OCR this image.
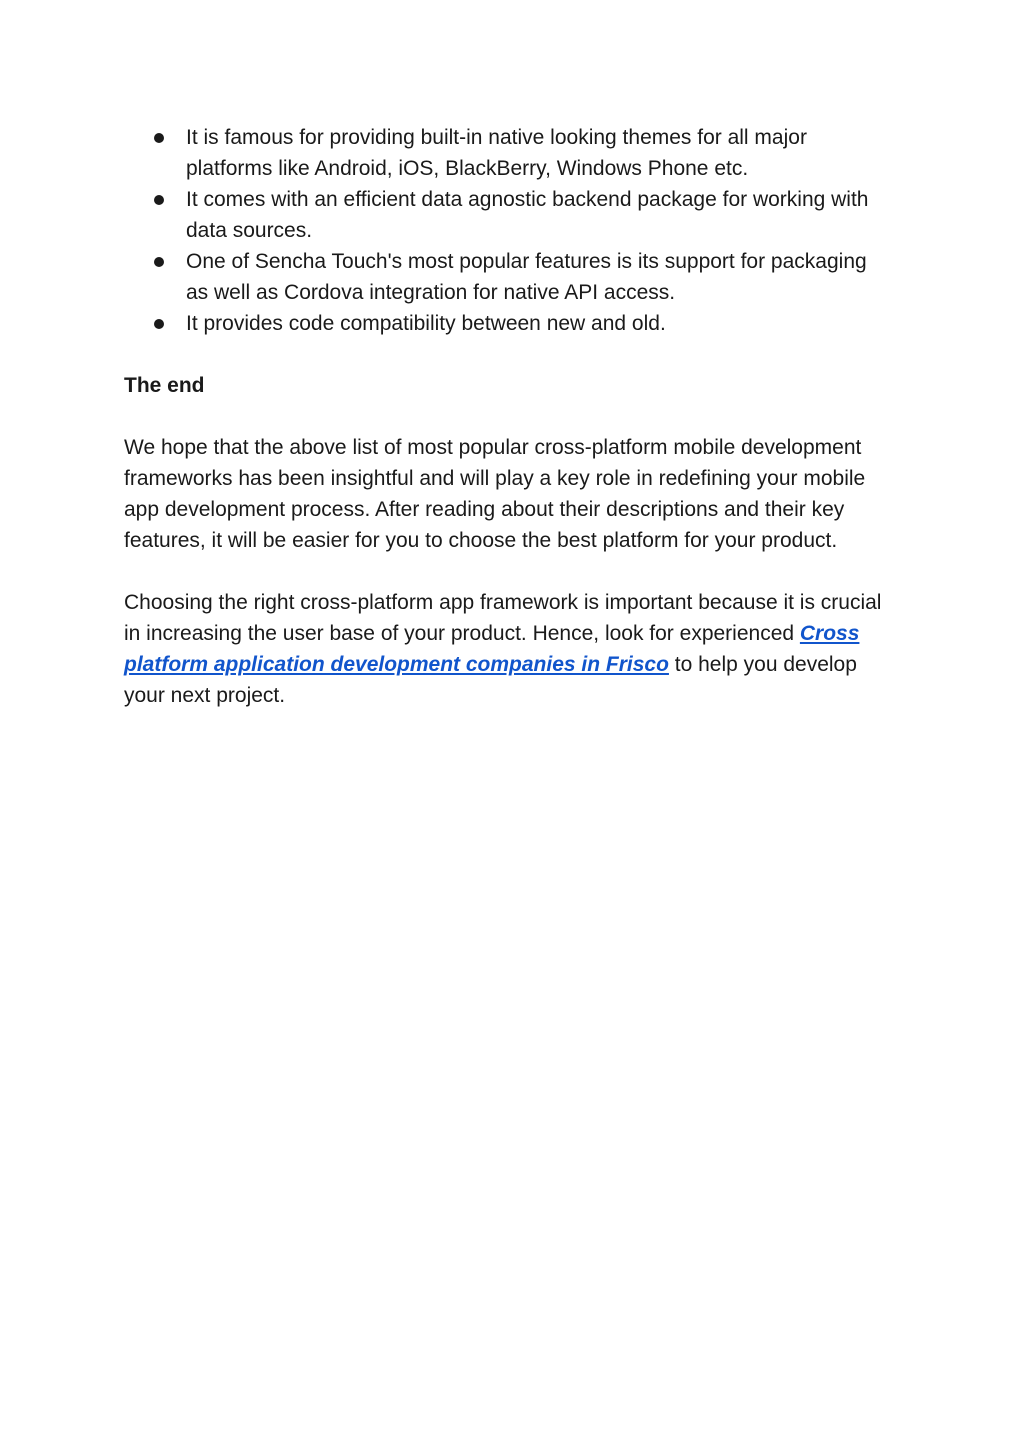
It is famous for providing built-in native looking themes for all major platforms like Android, iOS, BlackBerry, Windows Phone etc.
It comes with an efficient data agnostic backend package for working with data sources.
One of Sencha Touch's most popular features is its support for packaging as well as Cordova integration for native API access.
It provides code compatibility between new and old.
The end

We hope that the above list of most popular cross-platform mobile development frameworks has been insightful and will play a key role in redefining your mobile app development process. After reading about their descriptions and their key features, it will be easier for you to choose the best platform for your product.

Choosing the right cross-platform app framework is important because it is crucial in increasing the user base of your product. Hence, look for experienced Cross platform application development companies in Frisco to help you develop your next project.
